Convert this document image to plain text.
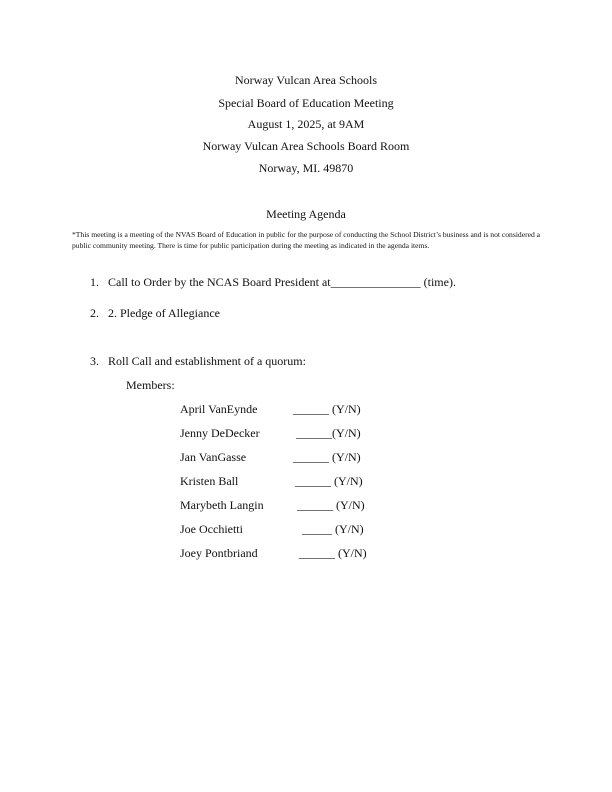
Norway Vulcan Area Schools
Special Board of Education Meeting
August 1, 2025, at 9AM
Norway Vulcan Area Schools Board Room
Norway, MI. 49870
Meeting Agenda
*This meeting is a meeting of the NVAS Board of Education in public for the purpose of conducting the School District’s business and is not considered a public community meeting. There is time for public participation during the meeting as indicated in the agenda items.
1. Call to Order by the NCAS Board President at_______________ (time).
2. 2. Pledge of Allegiance
3. Roll Call and establishment of a quorum:
Members:
April VanEynde	______ (Y/N)
Jenny DeDecker	______(Y/N)
Jan VanGasse	______ (Y/N)
Kristen Ball	______ (Y/N)
Marybeth Langin	______ (Y/N)
Joe Occhietti	_____ (Y/N)
Joey Pontbriand	______ (Y/N)
